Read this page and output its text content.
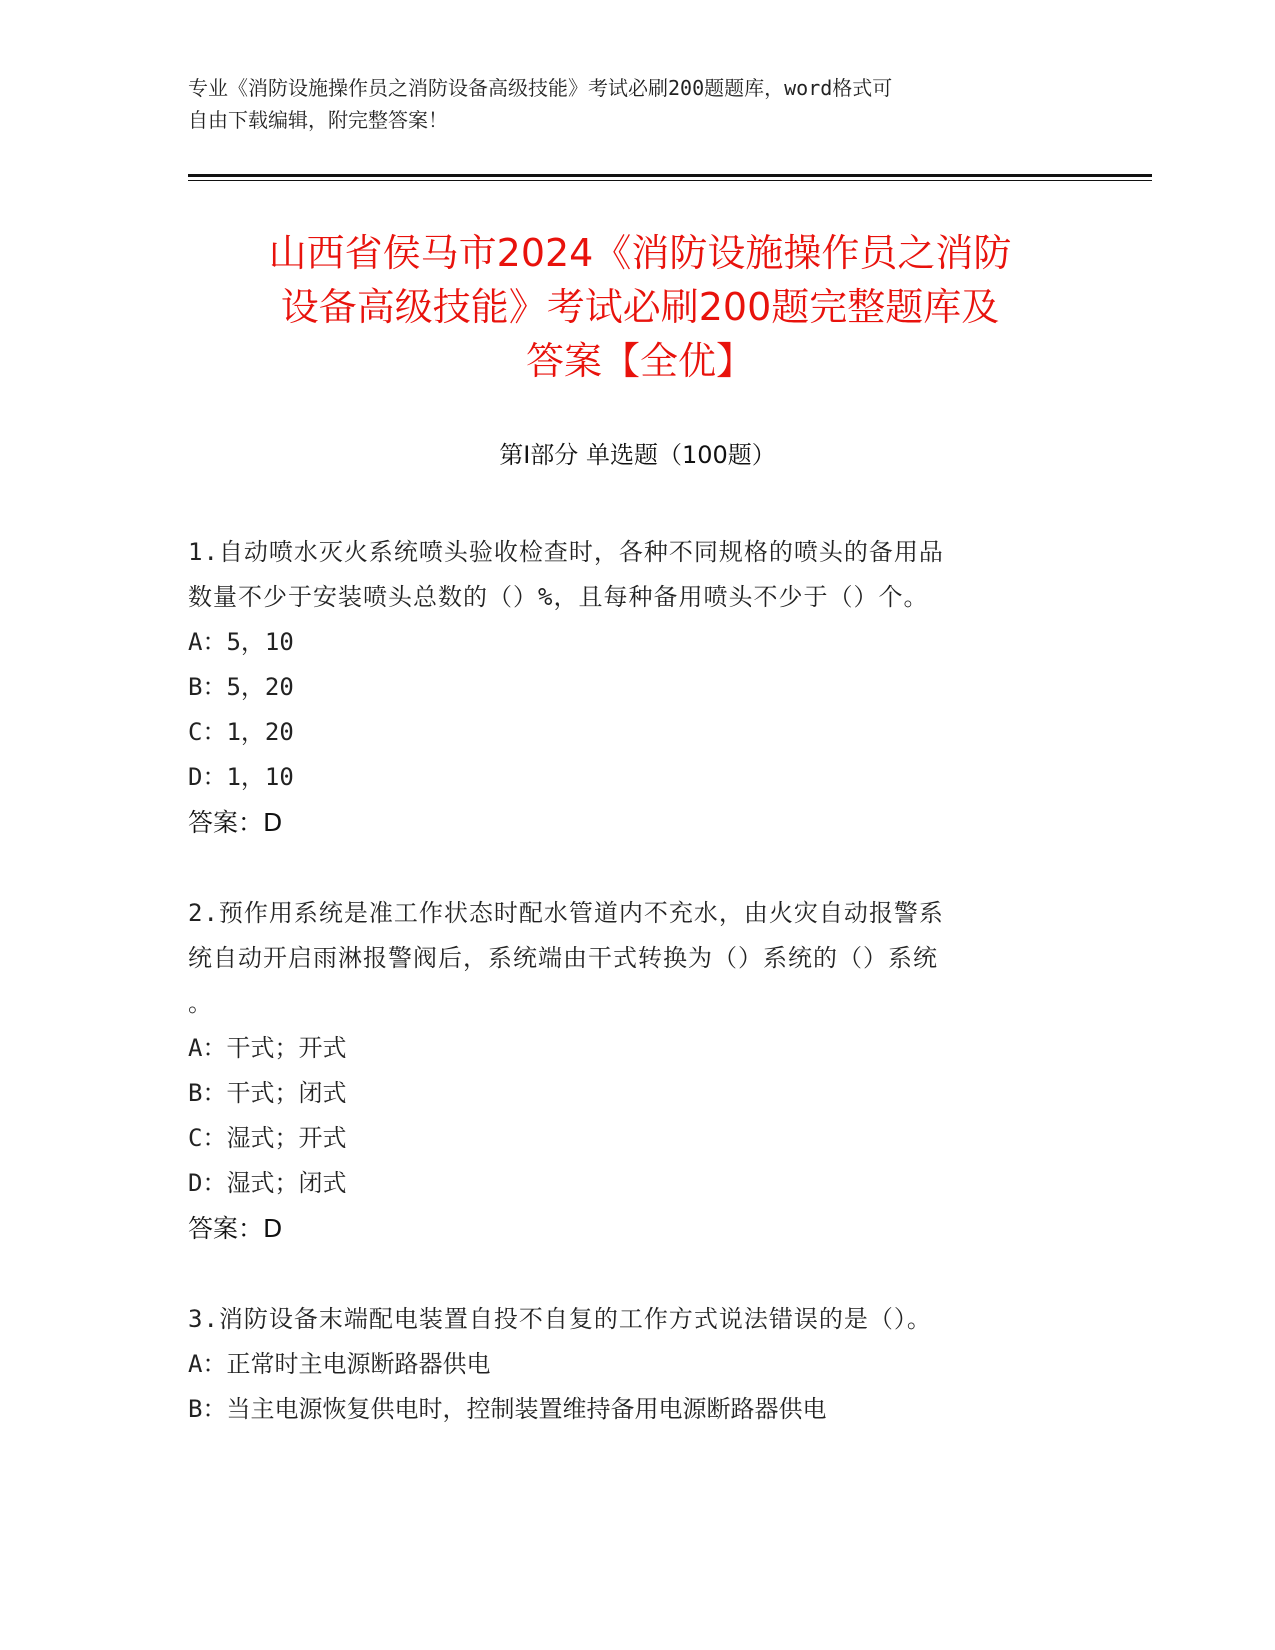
专业《消防设施操作员之消防设备高级技能》考试必刷200题题库，word格式可
自由下载编辑，附完整答案！
山西省侯马市2024《消防设施操作员之消防
设备高级技能》考试必刷200题完整题库及
答案【全优】
第Ⅰ部分 单选题（100题）
1.自动喷水灭火系统喷头验收检查时，各种不同规格的喷头的备用品
数量不少于安装喷头总数的（）%，且每种备用喷头不少于（）个。
A：5，10
B：5，20
C：1，20
D：1，10
答案：D
2.预作用系统是准工作状态时配水管道内不充水，由火灾自动报警系
统自动开启雨淋报警阀后，系统端由干式转换为（）系统的（）系统
。
A：干式；开式
B：干式；闭式
C：湿式；开式
D：湿式；闭式
答案：D
3.消防设备末端配电装置自投不自复的工作方式说法错误的是（）。
A：正常时主电源断路器供电
B：当主电源恢复供电时，控制装置维持备用电源断路器供电
